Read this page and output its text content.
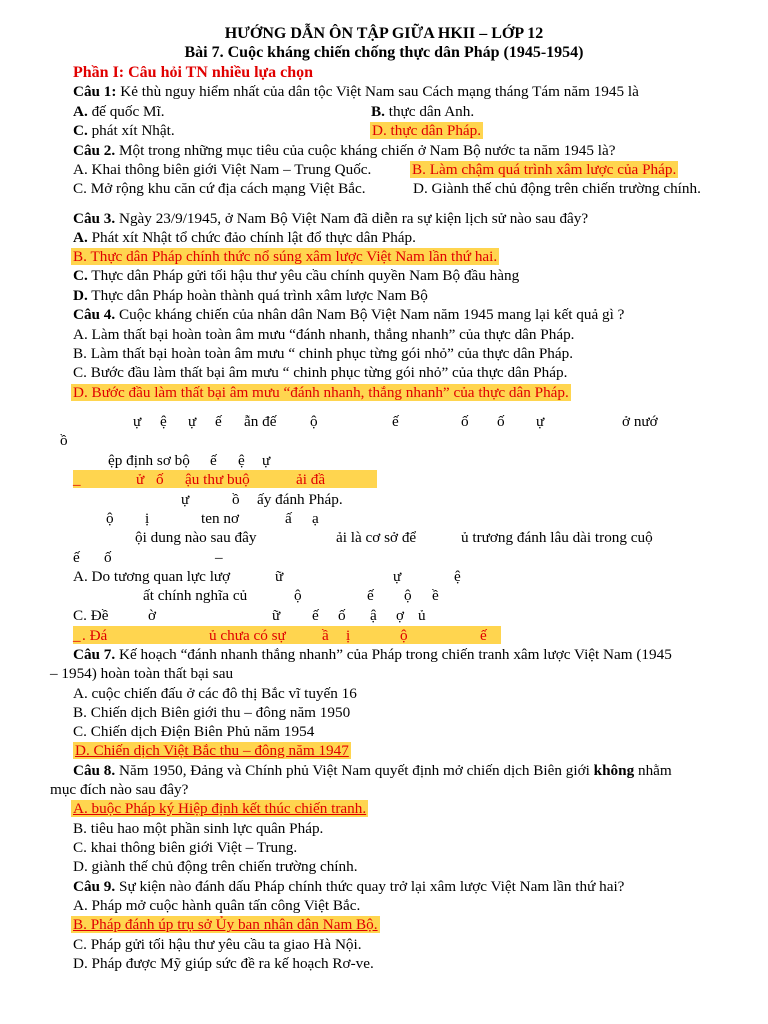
HƯỚNG DẪN ÔN TẬP GIỮA HKII – LỚP 12
Bài 7. Cuộc kháng chiến chống thực dân Pháp (1945-1954)
Phần I: Câu hỏi TN nhiều lựa chọn
Câu 1: Kẻ thù nguy hiểm nhất của dân tộc Việt Nam sau Cách mạng tháng Tám năm 1945 là
A. đế quốc Mĩ.	B. thực dân Anh.
C. phát xít Nhật.	D. thực dân Pháp.
Câu 2. Một trong những mục tiêu của cuộc kháng chiến ở Nam Bộ nước ta năm 1945 là?
A. Khai thông biên giới Việt Nam – Trung Quốc.	B. Làm chậm quá trình xâm lược của Pháp.
C. Mở rộng khu căn cứ địa cách mạng Việt Bắc.	D. Giành thế chủ động trên chiến trường chính.
Câu 3. Ngày 23/9/1945, ở Nam Bộ Việt Nam đã diễn ra sự kiện lịch sử nào sau đây?
A. Phát xít Nhật tổ chức đảo chính lật đổ thực dân Pháp.
B. Thực dân Pháp chính thức nổ súng xâm lược Việt Nam lần thứ hai.
C. Thực dân Pháp gửi tối hậu thư yêu cầu chính quyền Nam Bộ đầu hàng
D. Thực dân Pháp hoàn thành quá trình xâm lược Nam Bộ
Câu 4. Cuộc kháng chiến của nhân dân Nam Bộ Việt Nam năm 1945 mang lại kết quả gì ?
A. Làm thất bại hoàn toàn âm mưu “đánh nhanh, thắng nhanh” của thực dân Pháp.
B. Làm thất bại hoàn toàn âm mưu “ chinh phục từng gói nhỏ” của thực dân Pháp.
C. Bước đầu làm thất bại âm mưu “ chinh phục từng gói nhỏ” của thực dân Pháp.
D. Bước đầu làm thất bại âm mưu “đánh nhanh, thắng nhanh” của thực dân Pháp.
ự ệ ự ế ẫn đế ộ	ế	ố ố ự	ở nướ
ồ
ệp định sơ bộ ế ệ ự
_	ử ố ậu thư buộ	ải đầ
ự	ồ ấy đánh Pháp.
ộ ị	ten nơ	ấ ạ
ội dung nào sau đây	ải là cơ sở để	ủ trương đánh lâu dài trong cuộ
ế ố	–
A. Do tương quan lực lượ	ữ	ự	ệ
ất chính nghĩa củ	ộ	ế ộ ề
C. Đề	ờ	ữ ế ố ậ ợ ủ
_ . Đá	ủ chưa có sự ầ ị	ộ	ế
Câu 7. Kế hoạch “đánh nhanh thắng nhanh” của Pháp trong chiến tranh xâm lược Việt Nam (1945
– 1954) hoàn toàn thất bại sau
A. cuộc chiến đấu ở các đô thị Bắc vĩ tuyến 16
B. Chiến dịch Biên giới thu – đông năm 1950
C. Chiến dịch Điện Biên Phủ năm 1954
D. Chiến dịch Việt Bắc thu – đông năm 1947
Câu 8. Năm 1950, Đảng và Chính phủ Việt Nam quyết định mở chiến dịch Biên giới không nhằm
mục đích nào sau đây?
A. buộc Pháp ký Hiệp định kết thúc chiến tranh.
B. tiêu hao một phần sinh lực quân Pháp.
C. khai thông biên giới Việt – Trung.
D. giành thế chủ động trên chiến trường chính.
Câu 9. Sự kiện nào đánh dấu Pháp chính thức quay trở lại xâm lược Việt Nam lần thứ hai?
A. Pháp mở cuộc hành quân tấn công Việt Bắc.
B. Pháp đánh úp trụ sở Ủy ban nhân dân Nam Bộ.
C. Pháp gửi tối hậu thư yêu cầu ta giao Hà Nội.
D. Pháp được Mỹ giúp sức đề ra kế hoạch Rơ-ve.
